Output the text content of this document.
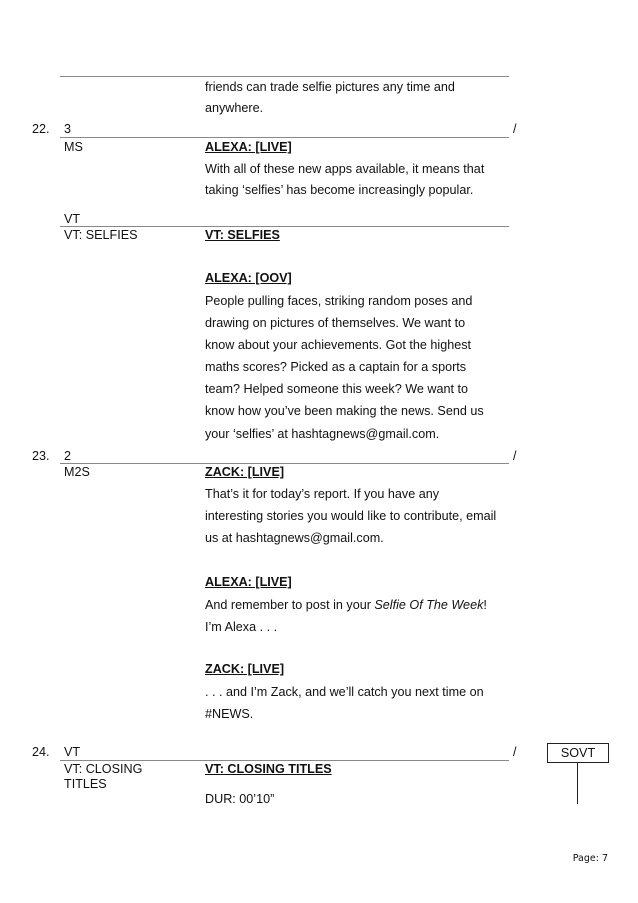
friends can trade selfie pictures any time and
anywhere.
22. 3	/
MS	ALEXA: [LIVE]
With all of these new apps available, it means that
taking ‘selfies’ has become increasingly popular.
VT
VT: SELFIES	VT: SELFIES
ALEXA: [OOV]
People pulling faces, striking random poses and
drawing on pictures of themselves. We want to
know about your achievements. Got the highest
maths scores? Picked as a captain for a sports
team? Helped someone this week? We want to
know how you’ve been making the news. Send us
your ‘selfies’ at hashtagnews@gmail.com.
23. 2	/
M2S	ZACK: [LIVE]
That’s it for today’s report. If you have any
interesting stories you would like to contribute, email
us at hashtagnews@gmail.com.
ALEXA: [LIVE]
And remember to post in your Selfie Of The Week!
I’m Alexa . . .
ZACK: [LIVE]
. . . and I’m Zack, and we’ll catch you next time on
#NEWS.
24. VT	/
VT: CLOSING
TITLES
VT: CLOSING TITLES
DUR: 00’10”
SOVT
Page: 7
